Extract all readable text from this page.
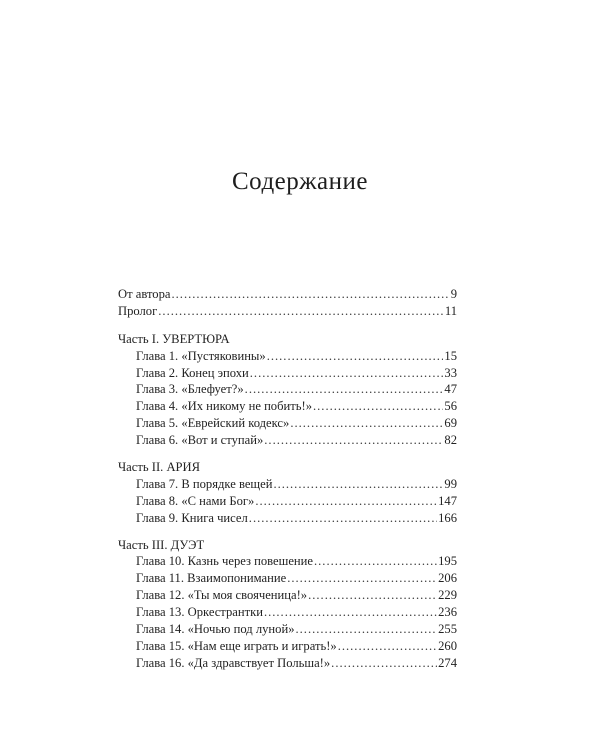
Содержание
От автора .....	9
Пролог .....	11
Часть I. УВЕРТЮРА
Глава 1. «Пустяковины» .....	15
Глава 2. Конец эпохи .....	33
Глава 3. «Блефует?» .....	47
Глава 4. «Их никому не побить!» .....	56
Глава 5. «Еврейский кодекс» .....	69
Глава 6. «Вот и ступай» .....	82
Часть II. АРИЯ
Глава 7. В порядке вещей .....	99
Глава 8. «С нами Бог» .....	147
Глава 9. Книга чисел .....	166
Часть III. ДУЭТ
Глава 10. Казнь через повешение .....	195
Глава 11. Взаимопонимание .....	206
Глава 12. «Ты моя свояченица!» .....	229
Глава 13. Оркестрантки .....	236
Глава 14. «Ночью под луной» .....	255
Глава 15. «Нам еще играть и играть!» .....	260
Глава 16. «Да здравствует Польша!» .....	274
